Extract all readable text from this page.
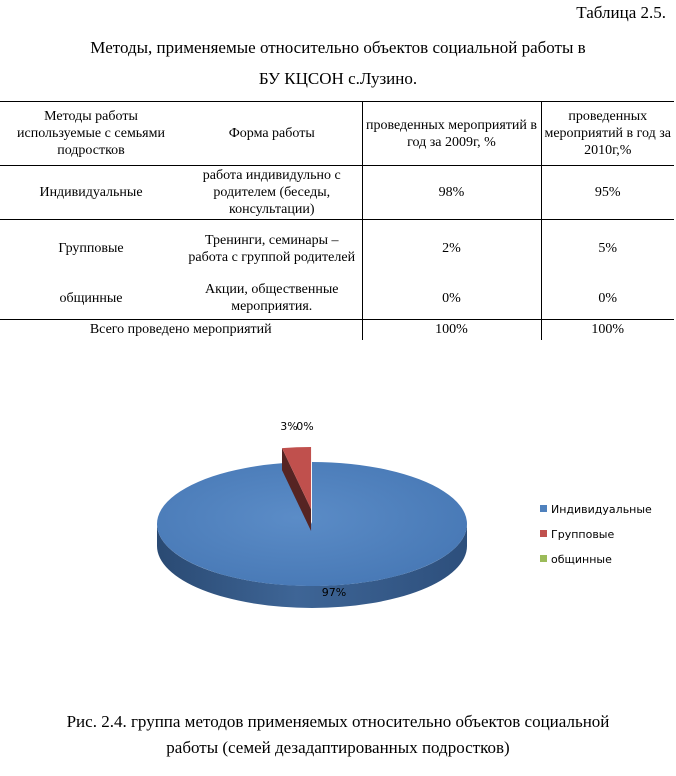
Таблица 2.5.
Методы, применяемые относительно объектов социальной работы в
БУ КЦСОН с.Лузино.
Методы работы используемые с семьями подростков	Форма работы	проведенных мероприятий в год за 2009г, %	проведенных мероприятий в год за 2010г,%
Индивидуальные	работа индивидульно с родителем (беседы, консультации)	98%	95%
Групповые	Тренинги, семинары – работа с группой родителей	2%	5%
общинные	Акции, общественные мероприятия.	0%	0%
Всего проведено мероприятий		100%	100%
97%
3%
0%
Индивидуальные
Групповые
общинные
Рис. 2.4. группа методов применяемых относительно объектов социальной
работы (семей дезадаптированных подростков)
